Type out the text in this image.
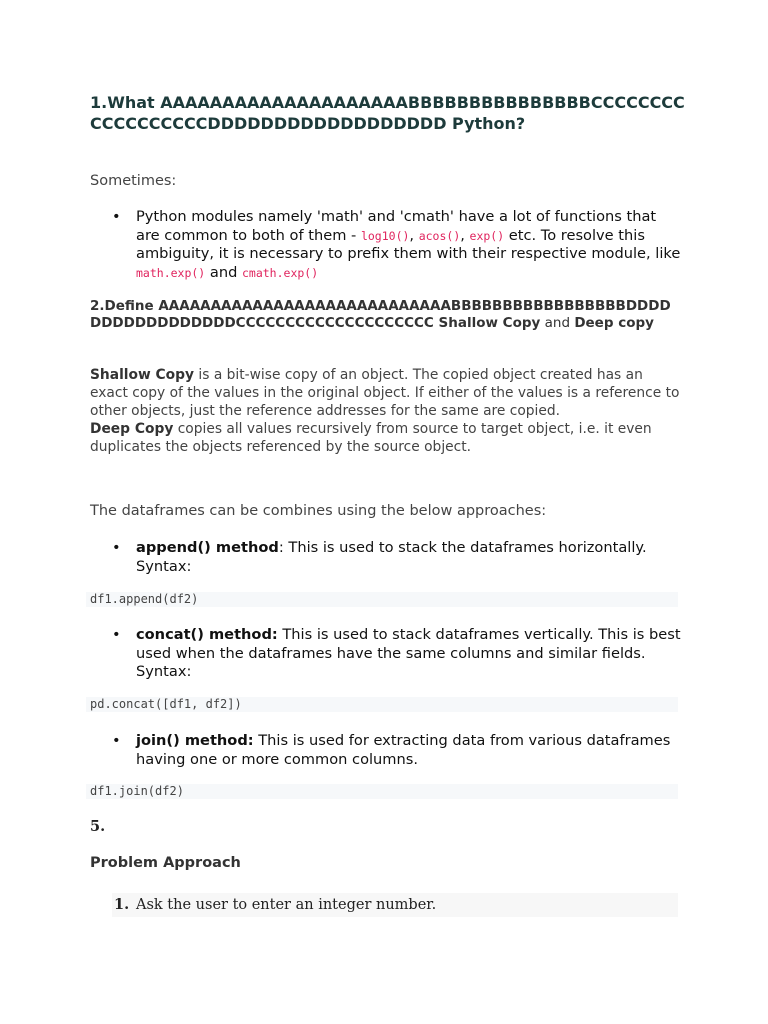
1.What AAAAAAAAAAAAAAAAAAAABBBBBBBBBBBBBBBCCCCCCCCCCCCCCCCCCDDDDDDDDDDDDDDDDDD Python?

Sometimes:

• Python modules namely 'math' and 'cmath' have a lot of functions that are common to both of them - log10(), acos(), exp() etc. To resolve this ambiguity, it is necessary to prefix them with their respective module, like math.exp() and cmath.exp()
2.Define AAAAAAAAAAAAAAAAAAAAAAAAAAAABBBBBBBBBBBBBBBBBDDDDDDDDDDDDDDDDDCCCCCCCCCCCCCCCCCCCC Shallow Copy and Deep copy

Shallow Copy is a bit-wise copy of an object. The copied object created has an exact copy of the values in the original object. If either of the values is a reference to other objects, just the reference addresses for the same are copied.
Deep Copy copies all values recursively from source to target object, i.e. it even duplicates the objects referenced by the source object.

The dataframes can be combines using the below approaches:

• append() method: This is used to stack the dataframes horizontally. Syntax:
df1.append(df2)
• concat() method: This is used to stack dataframes vertically. This is best used when the dataframes have the same columns and similar fields. Syntax:
pd.concat([df1, df2])
• join() method: This is used for extracting data from various dataframes having one or more common columns.
df1.join(df2)

5.

Problem Approach

1. Ask the user to enter an integer number.
